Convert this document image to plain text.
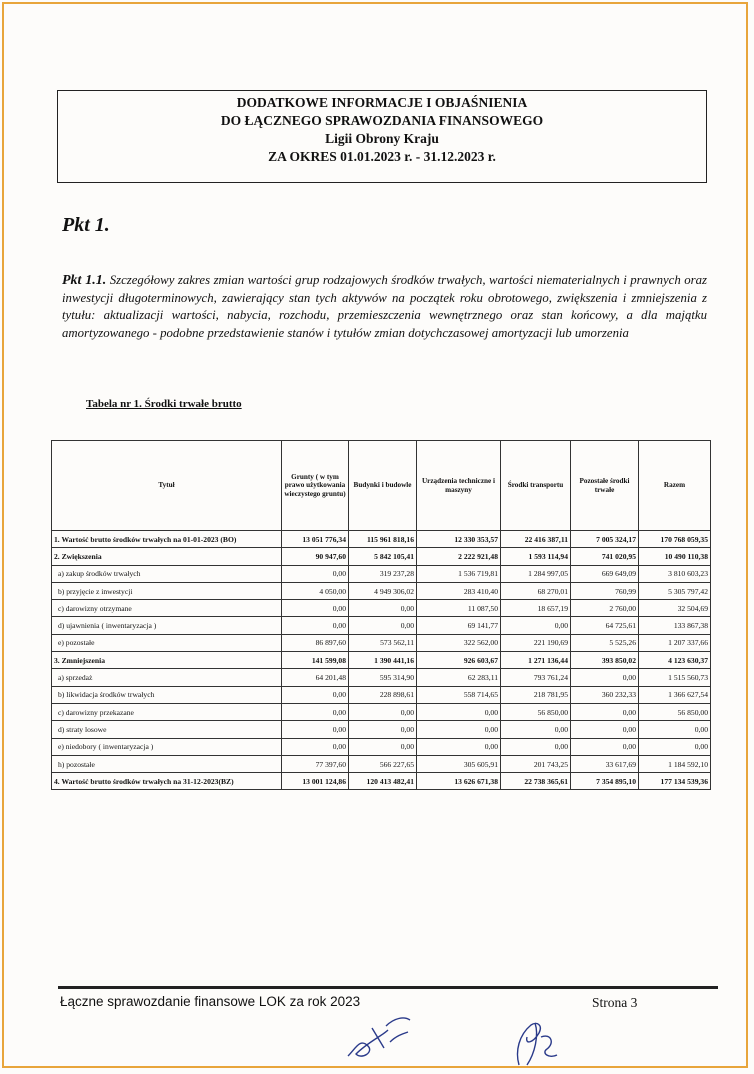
DODATKOWE INFORMACJE I OBJAŚNIENIA
DO ŁĄCZNEGO SPRAWOZDANIA FINANSOWEGO
Ligii Obrony Kraju
ZA OKRES 01.01.2023 r. - 31.12.2023 r.
Pkt 1.
Pkt 1.1. Szczegółowy zakres zmian wartości grup rodzajowych środków trwałych, wartości niematerialnych i prawnych oraz inwestycji długoterminowych, zawierający stan tych aktywów na początek roku obrotowego, zwiększenia i zmniejszenia z tytułu: aktualizacji wartości, nabycia, rozchodu, przemieszczenia wewnętrznego oraz stan końcowy, a dla majątku amortyzowanego - podobne przedstawienie stanów i tytułów zmian dotychczasowej amortyzacji lub umorzenia
Tabela nr 1. Środki trwałe brutto
Tytuł	Grunty ( w tym prawo użytkowania wieczystego gruntu)	Budynki i budowle	Urządzenia techniczne i maszyny	Środki transportu	Pozostałe środki trwałe	Razem
1. Wartość brutto środków trwałych na 01-01-2023 (BO)	13 051 776,34	115 961 818,16	12 330 353,57	22 416 387,11	7 005 324,17	170 768 059,35
2. Zwiększenia	90 947,60	5 842 105,41	2 222 921,48	1 593 114,94	741 020,95	10 490 110,38
a) zakup środków trwałych	0,00	319 237,28	1 536 719,81	1 284 997,05	669 649,09	3 810 603,23
b) przyjęcie z inwestycji	4 050,00	4 949 306,02	283 410,40	68 270,01	760,99	5 305 797,42
c) darowizny otrzymane	0,00	0,00	11 087,50	18 657,19	2 760,00	32 504,69
d) ujawnienia ( inwentaryzacja )	0,00	0,00	69 141,77	0,00	64 725,61	133 867,38
e) pozostałe	86 897,60	573 562,11	322 562,00	221 190,69	5 525,26	1 207 337,66
3. Zmniejszenia	141 599,08	1 390 441,16	926 603,67	1 271 136,44	393 850,02	4 123 630,37
a) sprzedaż	64 201,48	595 314,90	62 283,11	793 761,24	0,00	1 515 560,73
b) likwidacja środków trwałych	0,00	228 898,61	558 714,65	218 781,95	360 232,33	1 366 627,54
c) darowizny przekazane	0,00	0,00	0,00	56 850,00	0,00	56 850,00
d) straty losowe	0,00	0,00	0,00	0,00	0,00	0,00
e) niedobory ( inwentaryzacja )	0,00	0,00	0,00	0,00	0,00	0,00
h) pozostałe	77 397,60	566 227,65	305 605,91	201 743,25	33 617,69	1 184 592,10
4. Wartość brutto środków trwałych na 31-12-2023(BZ)	13 001 124,86	120 413 482,41	13 626 671,38	22 738 365,61	7 354 895,10	177 134 539,36
Łączne sprawozdanie finansowe LOK za rok 2023	Strona 3
